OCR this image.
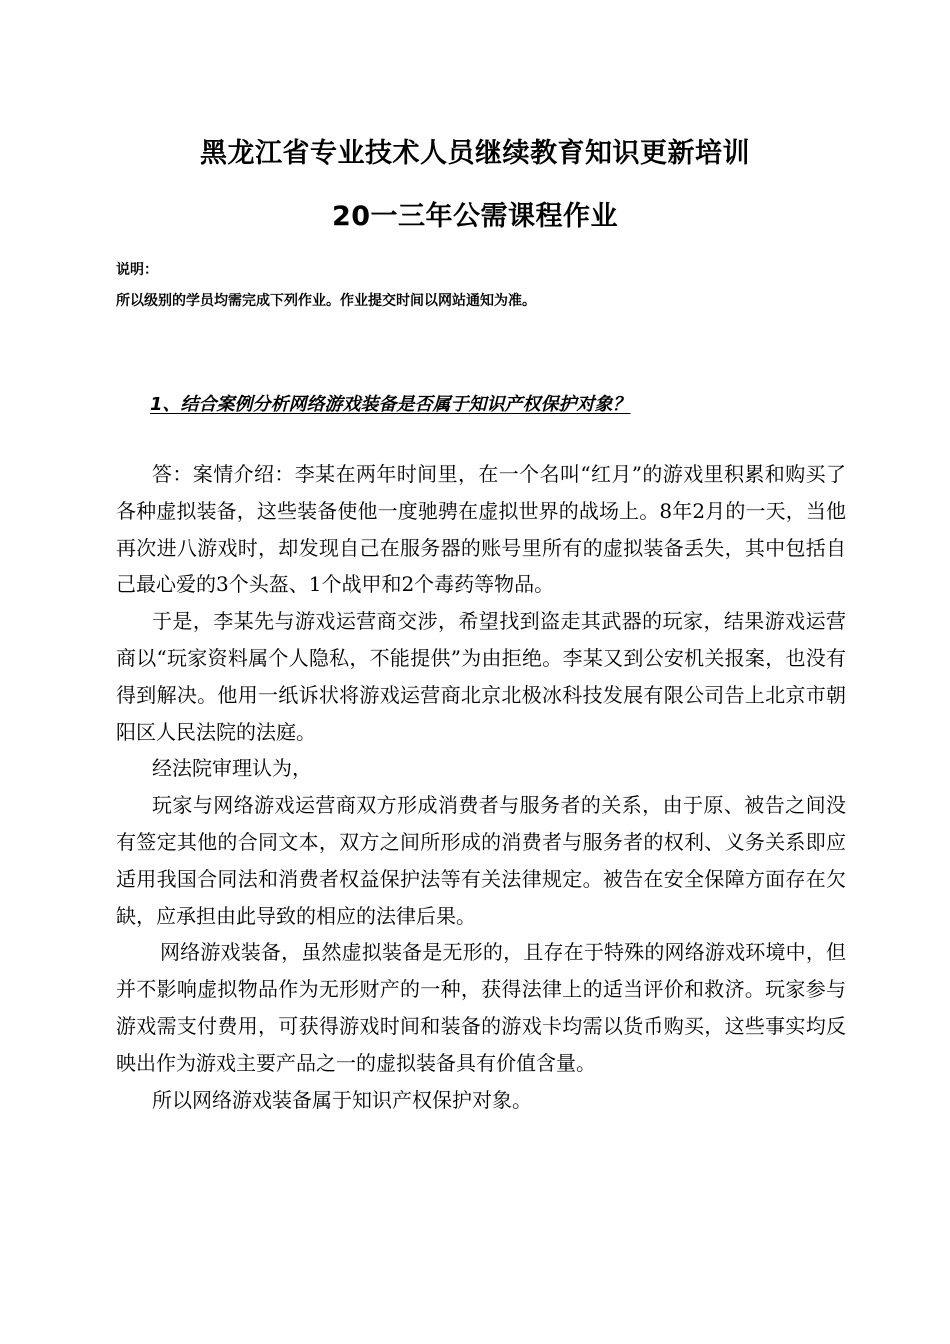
黑龙江省专业技术人员继续教育知识更新培训
20一三年公需课程作业
说明：
所以级别的学员均需完成下列作业。作业提交时间以网站通知为准。
1、结合案例分析网络游戏装备是否属于知识产权保护对象？

答：案情介绍：李某在两年时间里，在一个名叫“红月”的游戏里积累和购买了各种虚拟装备，这些装备使他一度驰骋在虚拟世界的战场上。8年2月的一天，当他再次进八游戏时，却发现自己在服务器的账号里所有的虚拟装备丢失，其中包括自己最心爱的3个头盔、1个战甲和2个毒药等物品。

于是，李某先与游戏运营商交涉，希望找到盗走其武器的玩家，结果游戏运营商以“玩家资料属个人隐私，不能提供”为由拒绝。李某又到公安机关报案，也没有得到解决。他用一纸诉状将游戏运营商北京北极冰科技发展有限公司告上北京市朝阳区人民法院的法庭。

经法院审理认为，

玩家与网络游戏运营商双方形成消费者与服务者的关系，由于原、被告之间没有签定其他的合同文本，双方之间所形成的消费者与服务者的权利、义务关系即应适用我国合同法和消费者权益保护法等有关法律规定。被告在安全保障方面存在欠缺，应承担由此导致的相应的法律后果。

网络游戏装备，虽然虚拟装备是无形的，且存在于特殊的网络游戏环境中，但并不影响虚拟物品作为无形财产的一种，获得法律上的适当评价和救济。玩家参与游戏需支付费用，可获得游戏时间和装备的游戏卡均需以货币购买，这些事实均反映出作为游戏主要产品之一的虚拟装备具有价值含量。

所以网络游戏装备属于知识产权保护对象。
